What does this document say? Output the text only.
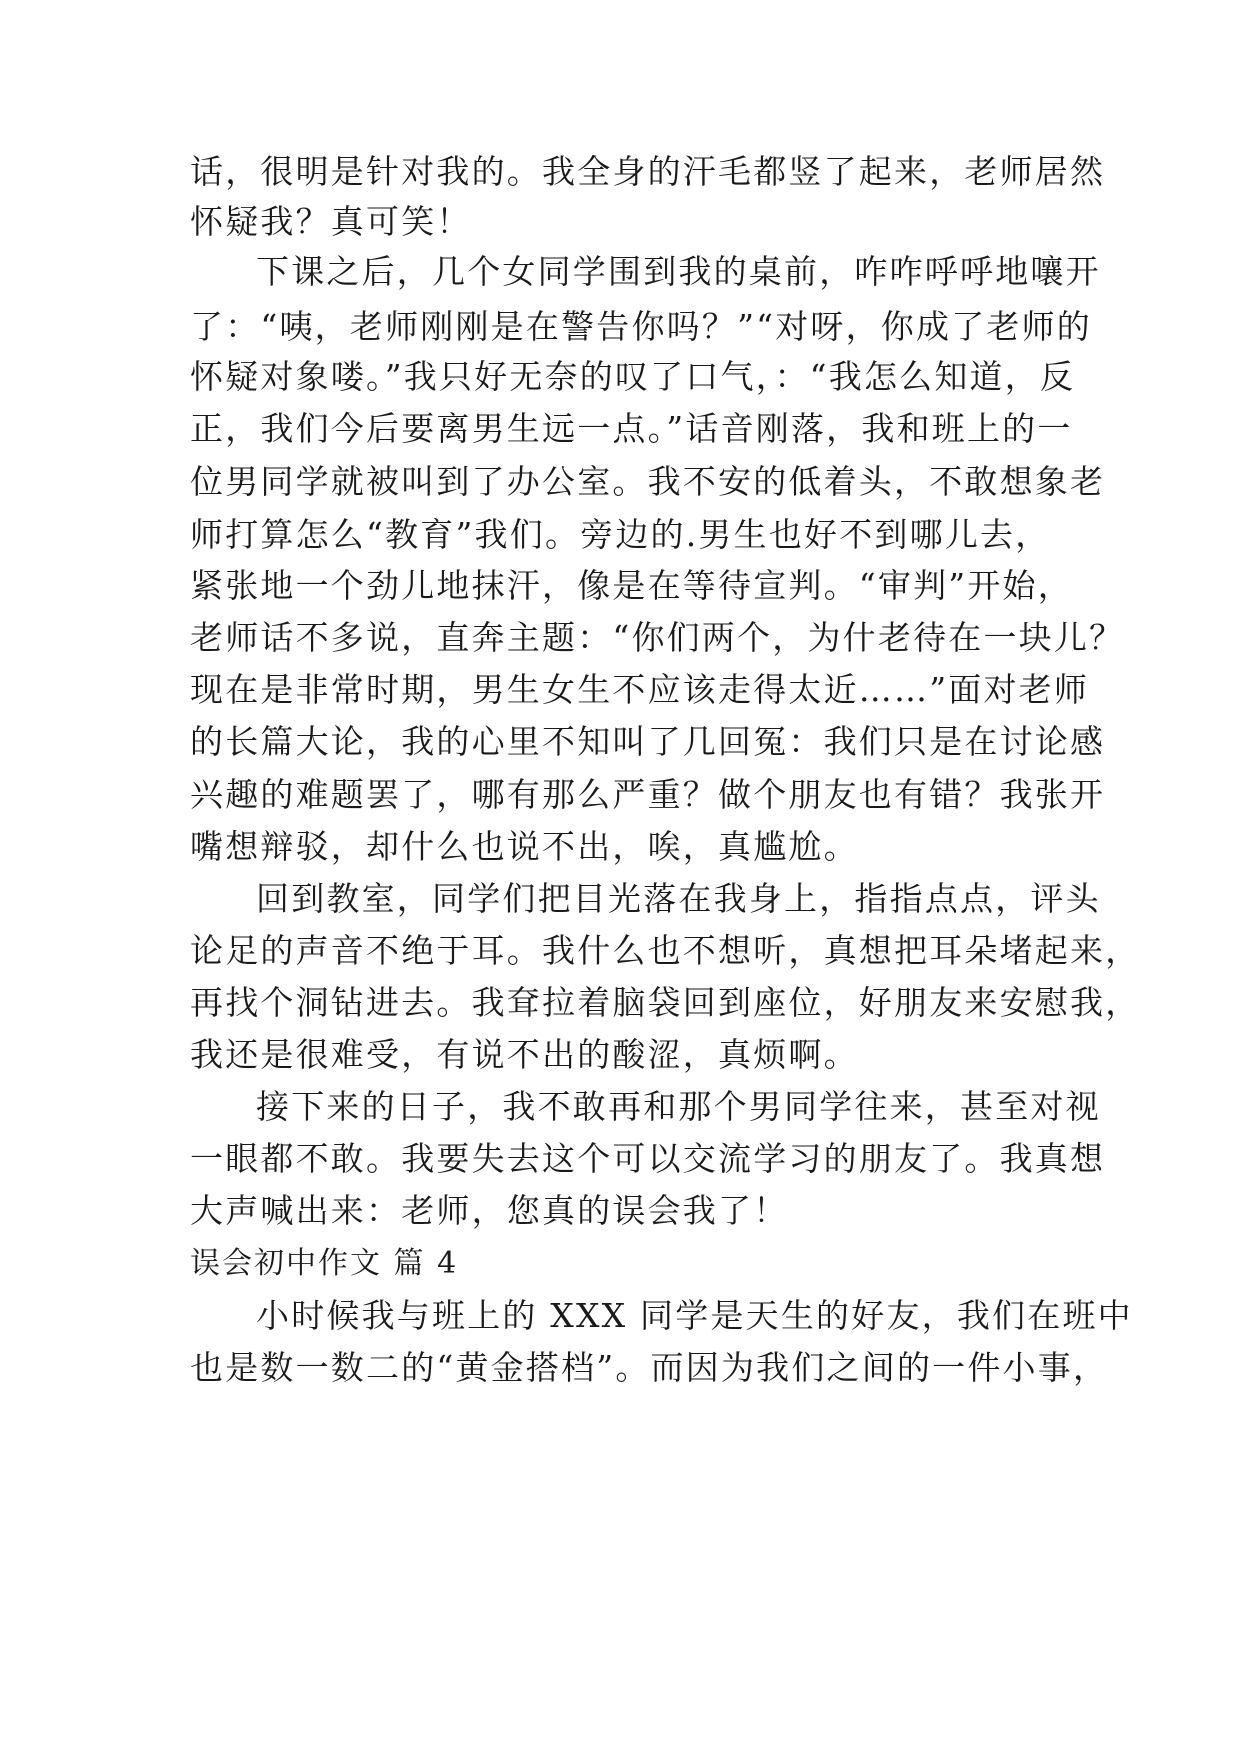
话，很明是针对我的。我全身的汗毛都竖了起来，老师居然
怀疑我？真可笑！
下课之后，几个女同学围到我的桌前，咋咋呼呼地嚷开
了：“咦，老师刚刚是在警告你吗？”“对呀，你成了老师的
怀疑对象喽。”我只好无奈的叹了口气，：“我怎么知道，反
正，我们今后要离男生远一点。”话音刚落，我和班上的一
位男同学就被叫到了办公室。我不安的低着头，不敢想象老
师打算怎么“教育”我们。旁边的.男生也好不到哪儿去，
紧张地一个劲儿地抹汗，像是在等待宣判。“审判”开始，
老师话不多说，直奔主题：“你们两个，为什老待在一块儿？
现在是非常时期，男生女生不应该走得太近……”面对老师
的长篇大论，我的心里不知叫了几回冤：我们只是在讨论感
兴趣的难题罢了，哪有那么严重？做个朋友也有错？我张开
嘴想辩驳，却什么也说不出，唉，真尴尬。
回到教室，同学们把目光落在我身上，指指点点，评头
论足的声音不绝于耳。我什么也不想听，真想把耳朵堵起来，
再找个洞钻进去。我耷拉着脑袋回到座位，好朋友来安慰我，
我还是很难受，有说不出的酸涩，真烦啊。
接下来的日子，我不敢再和那个男同学往来，甚至对视
一眼都不敢。我要失去这个可以交流学习的朋友了。我真想
大声喊出来：老师，您真的误会我了！
误会初中作文 篇 4
小时候我与班上的 XXX 同学是天生的好友，我们在班中
也是数一数二的“黄金搭档”。而因为我们之间的一件小事，
